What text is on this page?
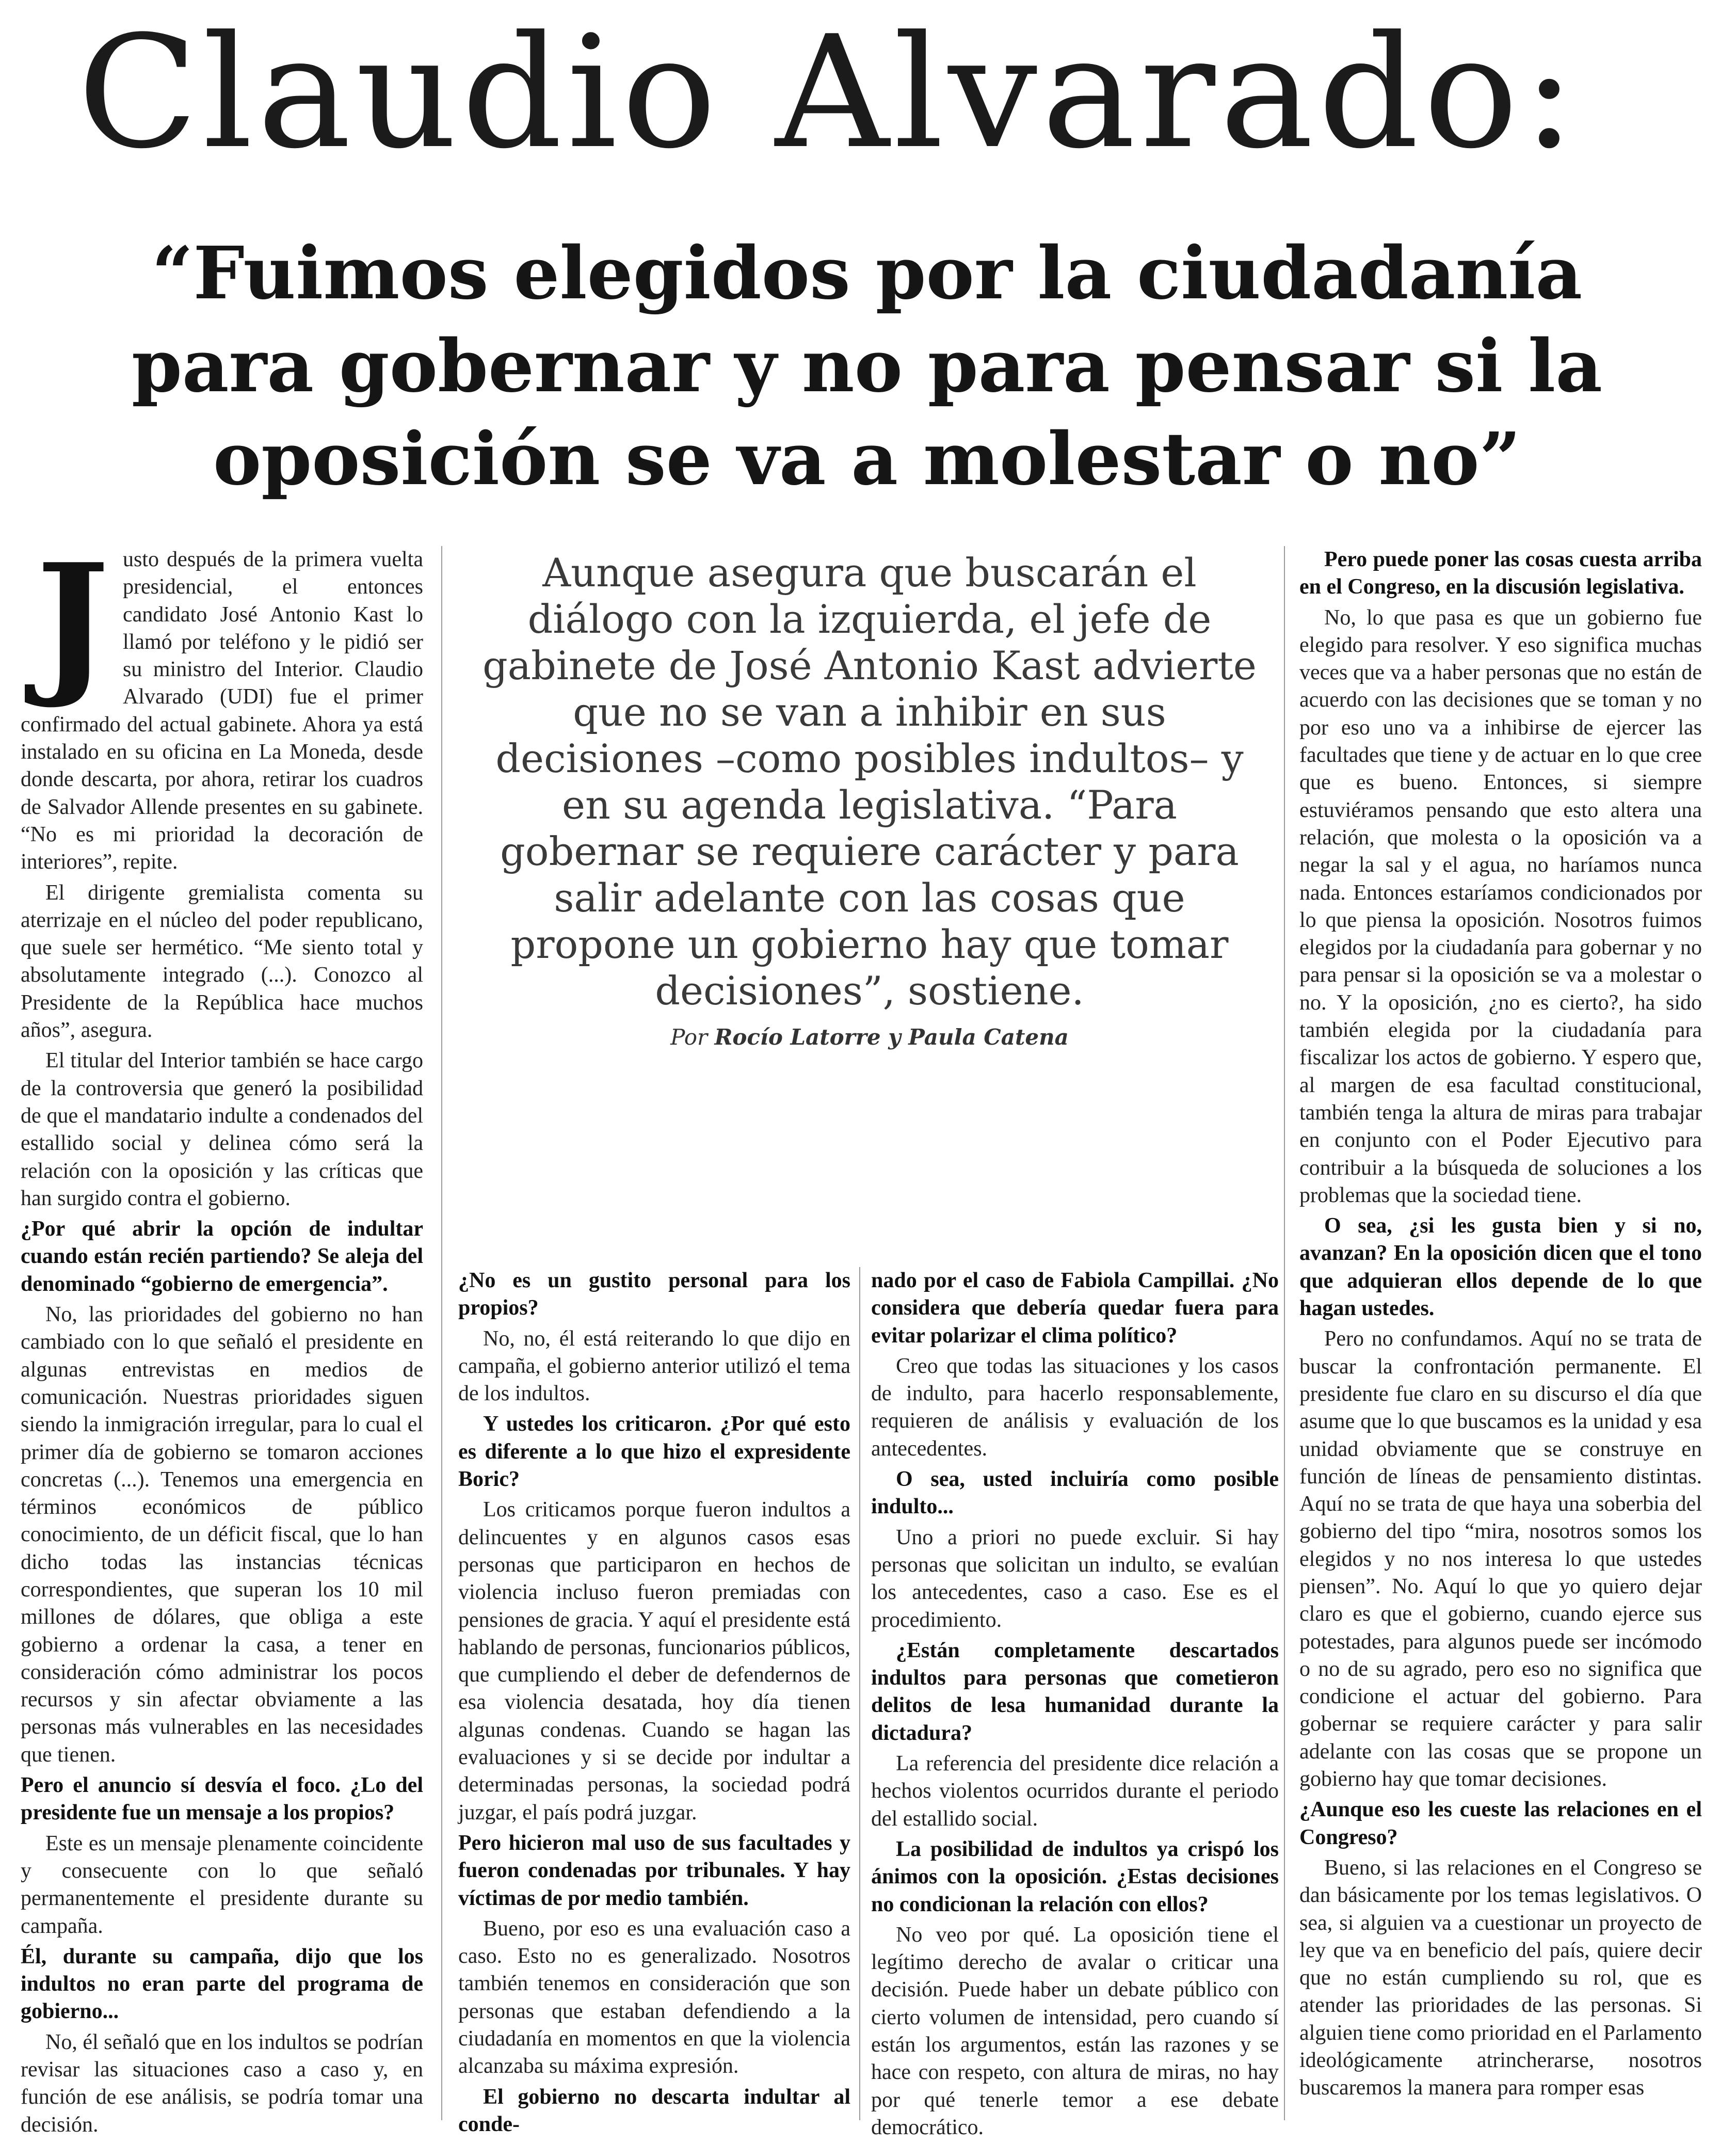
Claudio Alvarado:
“Fuimos elegidos por la ciudadanía para gobernar y no para pensar si la oposición se va a molestar o no”

Justo después de la primera vuelta presidencial, el entonces candidato José Antonio Kast lo llamó por teléfono y le pidió ser su ministro del Interior. Claudio Alvarado (UDI) fue el primer confirmado del actual gabinete. Ahora ya está instalado en su oficina en La Moneda, desde donde descarta, por ahora, retirar los cuadros de Salvador Allende presentes en su gabinete. “No es mi prioridad la decoración de interiores”, repite.

El dirigente gremialista comenta su aterrizaje en el núcleo del poder republicano, que suele ser hermético. “Me siento total y absolutamente integrado (...). Conozco al Presidente de la República hace muchos años”, asegura.

El titular del Interior también se hace cargo de la controversia que generó la posibilidad de que el mandatario indulte a condenados del estallido social y delinea cómo será la relación con la oposición y las críticas que han surgido contra el gobierno.

¿Por qué abrir la opción de indultar cuando están recién partiendo? Se aleja del denominado “gobierno de emergencia”.

No, las prioridades del gobierno no han cambiado con lo que señaló el presidente en algunas entrevistas en medios de comunicación. Nuestras prioridades siguen siendo la inmigración irregular, para lo cual el primer día de gobierno se tomaron acciones concretas (...). Tenemos una emergencia en términos económicos de público conocimiento, de un déficit fiscal, que lo han dicho todas las instancias técnicas correspondientes, que superan los 10 mil millones de dólares, que obliga a este gobierno a ordenar la casa, a tener en consideración cómo administrar los pocos recursos y sin afectar obviamente a las personas más vulnerables en las necesidades que tienen.

Pero el anuncio sí desvía el foco. ¿Lo del presidente fue un mensaje a los propios?

Este es un mensaje plenamente coincidente y consecuente con lo que señaló permanentemente el presidente durante su campaña.

Él, durante su campaña, dijo que los indultos no eran parte del programa de gobierno...

No, él señaló que en los indultos se podrían revisar las situaciones caso a caso y, en función de ese análisis, se podría tomar una decisión.

Aunque asegura que buscarán el diálogo con la izquierda, el jefe de gabinete de José Antonio Kast advierte que no se van a inhibir en sus decisiones –como posibles indultos– y en su agenda legislativa. “Para gobernar se requiere carácter y para salir adelante con las cosas que propone un gobierno hay que tomar decisiones”, sostiene.
Por Rocío Latorre y Paula Catena

¿No es un gustito personal para los propios?

No, no, él está reiterando lo que dijo en campaña, el gobierno anterior utilizó el tema de los indultos.

Y ustedes los criticaron. ¿Por qué esto es diferente a lo que hizo el expresidente Boric?

Los criticamos porque fueron indultos a delincuentes y en algunos casos esas personas que participaron en hechos de violencia incluso fueron premiadas con pensiones de gracia. Y aquí el presidente está hablando de personas, funcionarios públicos, que cumpliendo el deber de defendernos de esa violencia desatada, hoy día tienen algunas condenas. Cuando se hagan las evaluaciones y si se decide por indultar a determinadas personas, la sociedad podrá juzgar, el país podrá juzgar.

Pero hicieron mal uso de sus facultades y fueron condenadas por tribunales. Y hay víctimas de por medio también.

Bueno, por eso es una evaluación caso a caso. Esto no es generalizado. Nosotros también tenemos en consideración que son personas que estaban defendiendo a la ciudadanía en momentos en que la violencia alcanzaba su máxima expresión.

El gobierno no descarta indultar al conde-

nado por el caso de Fabiola Campillai. ¿No considera que debería quedar fuera para evitar polarizar el clima político?

Creo que todas las situaciones y los casos de indulto, para hacerlo responsablemente, requieren de análisis y evaluación de los antecedentes.

O sea, usted incluiría como posible indulto...

Uno a priori no puede excluir. Si hay personas que solicitan un indulto, se evalúan los antecedentes, caso a caso. Ese es el procedimiento.

¿Están completamente descartados indultos para personas que cometieron delitos de lesa humanidad durante la dictadura?

La referencia del presidente dice relación a hechos violentos ocurridos durante el periodo del estallido social.

La posibilidad de indultos ya crispó los ánimos con la oposición. ¿Estas decisiones no condicionan la relación con ellos?

No veo por qué. La oposición tiene el legítimo derecho de avalar o criticar una decisión. Puede haber un debate público con cierto volumen de intensidad, pero cuando sí están los argumentos, están las razones y se hace con respeto, con altura de miras, no hay por qué tenerle temor a ese debate democrático.

Pero puede poner las cosas cuesta arriba en el Congreso, en la discusión legislativa.

No, lo que pasa es que un gobierno fue elegido para resolver. Y eso significa muchas veces que va a haber personas que no están de acuerdo con las decisiones que se toman y no por eso uno va a inhibirse de ejercer las facultades que tiene y de actuar en lo que cree que es bueno. Entonces, si siempre estuviéramos pensando que esto altera una relación, que molesta o la oposición va a negar la sal y el agua, no haríamos nunca nada. Entonces estaríamos condicionados por lo que piensa la oposición. Nosotros fuimos elegidos por la ciudadanía para gobernar y no para pensar si la oposición se va a molestar o no. Y la oposición, ¿no es cierto?, ha sido también elegida por la ciudadanía para fiscalizar los actos de gobierno. Y espero que, al margen de esa facultad constitucional, también tenga la altura de miras para trabajar en conjunto con el Poder Ejecutivo para contribuir a la búsqueda de soluciones a los problemas que la sociedad tiene.

O sea, ¿si les gusta bien y si no, avanzan? En la oposición dicen que el tono que adquieran ellos depende de lo que hagan ustedes.

Pero no confundamos. Aquí no se trata de buscar la confrontación permanente. El presidente fue claro en su discurso el día que asume que lo que buscamos es la unidad y esa unidad obviamente que se construye en función de líneas de pensamiento distintas. Aquí no se trata de que haya una soberbia del gobierno del tipo “mira, nosotros somos los elegidos y no nos interesa lo que ustedes piensen”. No. Aquí lo que yo quiero dejar claro es que el gobierno, cuando ejerce sus potestades, para algunos puede ser incómodo o no de su agrado, pero eso no significa que condicione el actuar del gobierno. Para gobernar se requiere carácter y para salir adelante con las cosas que se propone un gobierno hay que tomar decisiones.

¿Aunque eso les cueste las relaciones en el Congreso?

Bueno, si las relaciones en el Congreso se dan básicamente por los temas legislativos. O sea, si alguien va a cuestionar un proyecto de ley que va en beneficio del país, quiere decir que no están cumpliendo su rol, que es atender las prioridades de las personas. Si alguien tiene como prioridad en el Parlamento ideológicamente atrincherarse, nosotros buscaremos la manera para romper esas
